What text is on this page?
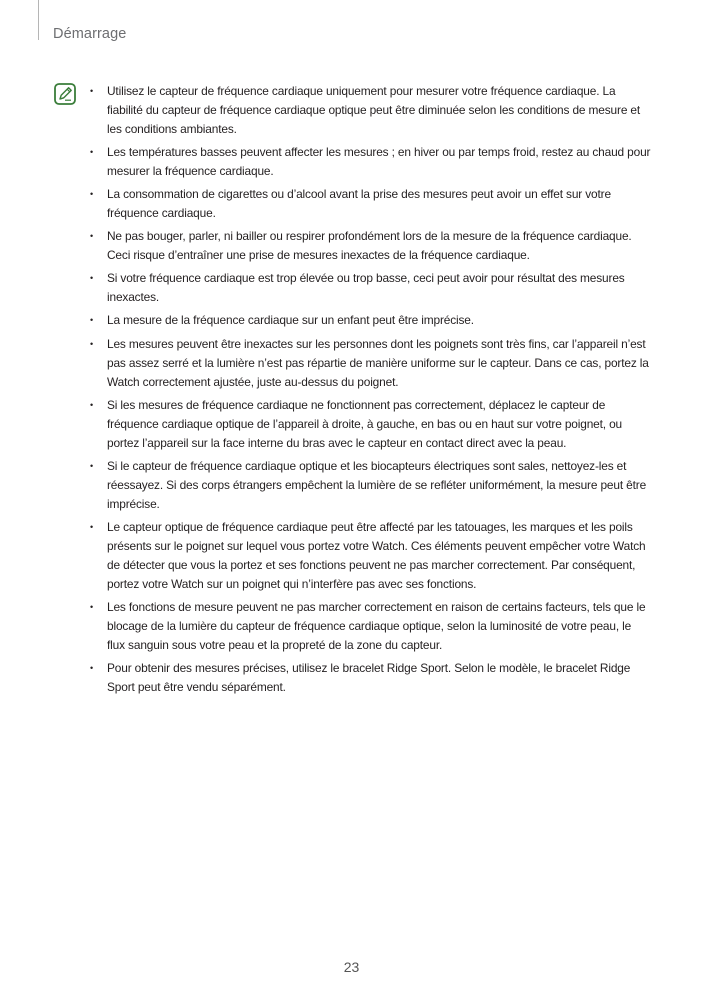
Démarrage
• Utilisez le capteur de fréquence cardiaque uniquement pour mesurer votre fréquence cardiaque. La fiabilité du capteur de fréquence cardiaque optique peut être diminuée selon les conditions de mesure et les conditions ambiantes.
• Les températures basses peuvent affecter les mesures ; en hiver ou par temps froid, restez au chaud pour mesurer la fréquence cardiaque.
• La consommation de cigarettes ou d’alcool avant la prise des mesures peut avoir un effet sur votre fréquence cardiaque.
• Ne pas bouger, parler, ni bailler ou respirer profondément lors de la mesure de la fréquence cardiaque. Ceci risque d’entraîner une prise de mesures inexactes de la fréquence cardiaque.
• Si votre fréquence cardiaque est trop élevée ou trop basse, ceci peut avoir pour résultat des mesures inexactes.
• La mesure de la fréquence cardiaque sur un enfant peut être imprécise.
• Les mesures peuvent être inexactes sur les personnes dont les poignets sont très fins, car l’appareil n’est pas assez serré et la lumière n’est pas répartie de manière uniforme sur le capteur. Dans ce cas, portez la Watch correctement ajustée, juste au-dessus du poignet.
• Si les mesures de fréquence cardiaque ne fonctionnent pas correctement, déplacez le capteur de fréquence cardiaque optique de l’appareil à droite, à gauche, en bas ou en haut sur votre poignet, ou portez l’appareil sur la face interne du bras avec le capteur en contact direct avec la peau.
• Si le capteur de fréquence cardiaque optique et les biocapteurs électriques sont sales, nettoyez-les et réessayez. Si des corps étrangers empêchent la lumière de se refléter uniformément, la mesure peut être imprécise.
• Le capteur optique de fréquence cardiaque peut être affecté par les tatouages, les marques et les poils présents sur le poignet sur lequel vous portez votre Watch. Ces éléments peuvent empêcher votre Watch de détecter que vous la portez et ses fonctions peuvent ne pas marcher correctement. Par conséquent, portez votre Watch sur un poignet qui n’interfère pas avec ses fonctions.
• Les fonctions de mesure peuvent ne pas marcher correctement en raison de certains facteurs, tels que le blocage de la lumière du capteur de fréquence cardiaque optique, selon la luminosité de votre peau, le flux sanguin sous votre peau et la propreté de la zone du capteur.
• Pour obtenir des mesures précises, utilisez le bracelet Ridge Sport. Selon le modèle, le bracelet Ridge Sport peut être vendu séparément.
23
